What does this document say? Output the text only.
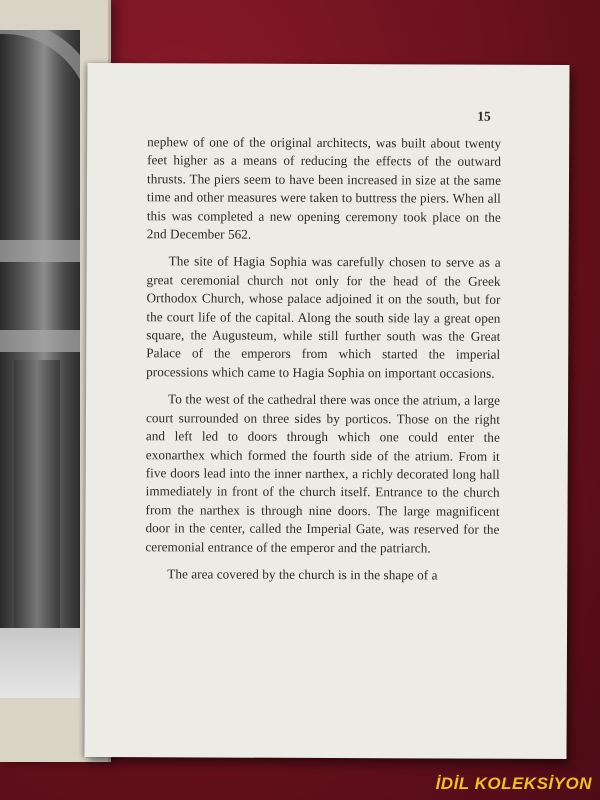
15

nephew of one of the original architects, was built about twenty feet higher as a means of reducing the effects of the outward thrusts. The piers seem to have been increased in size at the same time and other measures were taken to buttress the piers. When all this was completed a new opening ceremony took place on the 2nd December 562.

The site of Hagia Sophia was carefully chosen to serve as a great ceremonial church not only for the head of the Greek Orthodox Church, whose palace adjoined it on the south, but for the court life of the capital. Along the south side lay a great open square, the Augusteum, while still further south was the Great Palace of the emperors from which started the imperial processions which came to Hagia Sophia on important occasions.

To the west of the cathedral there was once the atrium, a large court surrounded on three sides by porticos. Those on the right and left led to doors through which one could enter the exonarthex which formed the fourth side of the atrium. From it five doors lead into the inner narthex, a richly decorated long hall immediately in front of the church itself. Entrance to the church from the narthex is through nine doors. The large magnificent door in the center, called the Imperial Gate, was reserved for the ceremonial entrance of the emperor and the patriarch.

The area covered by the church is in the shape of a

İDİL KOLEKSİYON
